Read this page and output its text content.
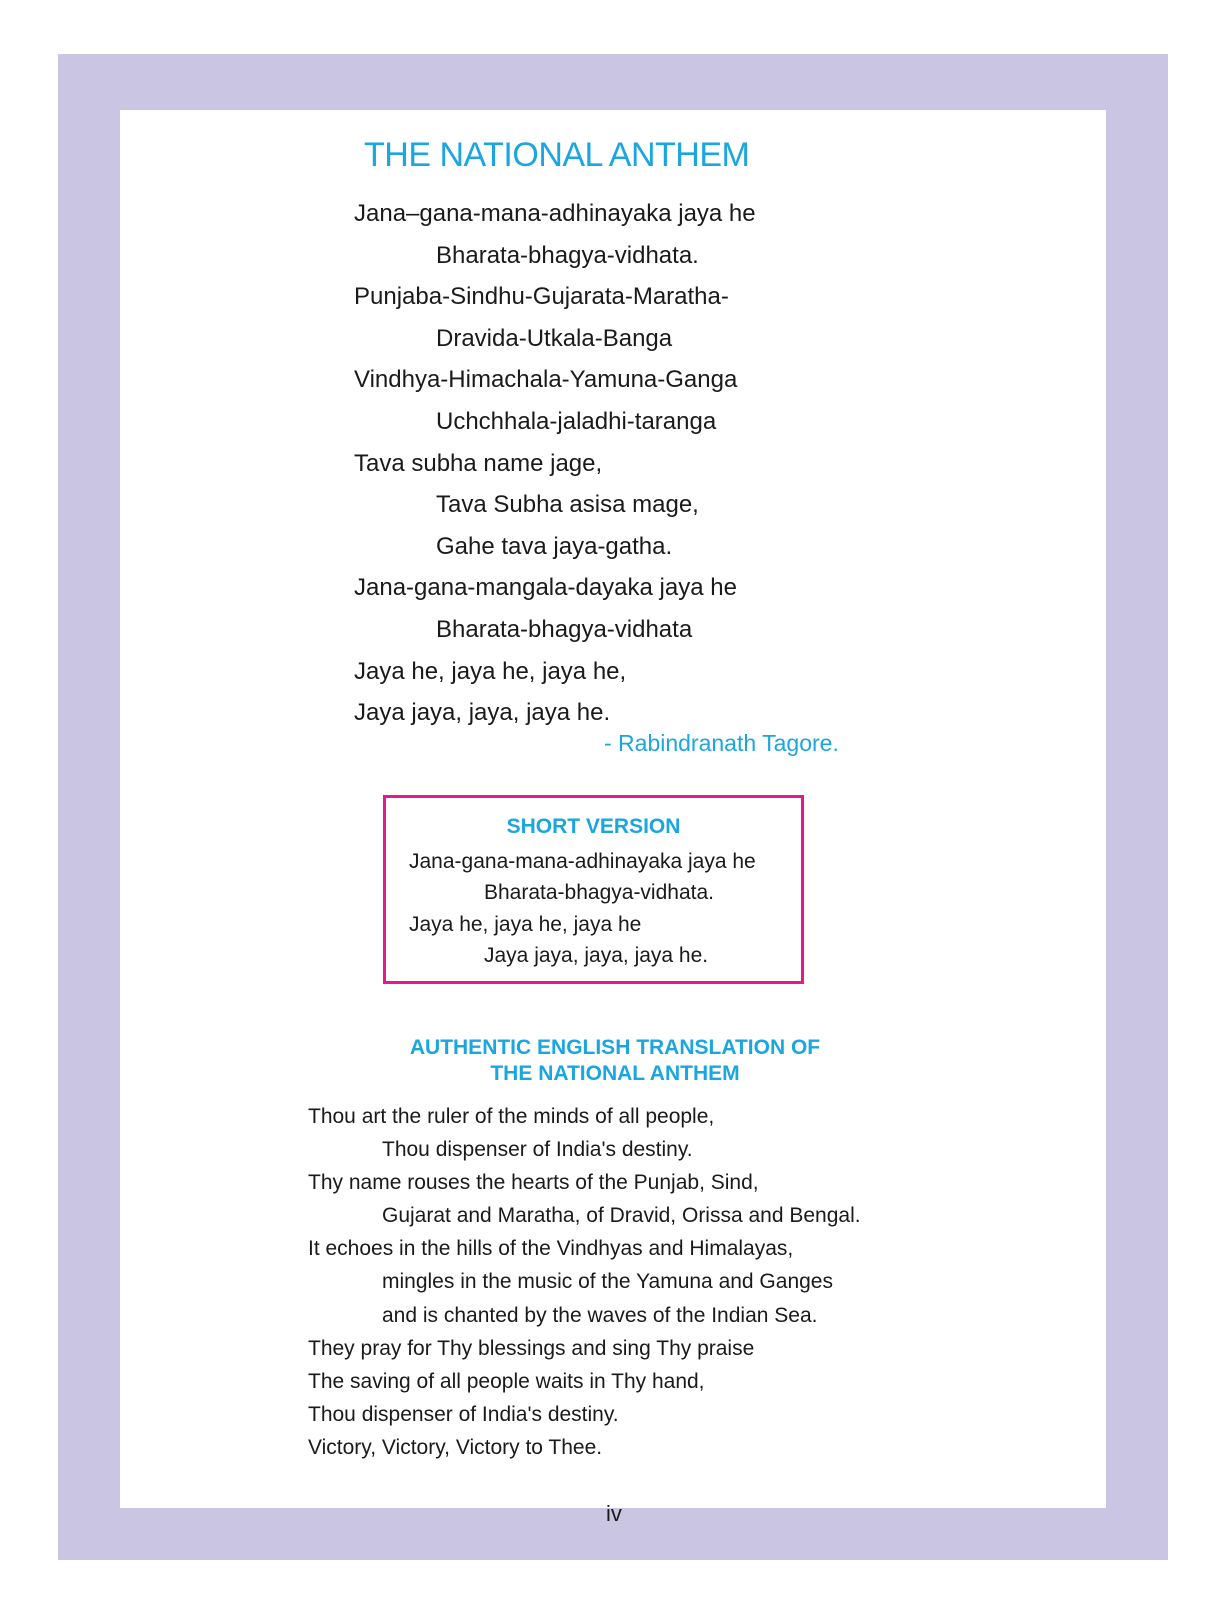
THE NATIONAL ANTHEM
Jana–gana-mana-adhinayaka jaya he
Bharata-bhagya-vidhata.
Punjaba-Sindhu-Gujarata-Maratha-
Dravida-Utkala-Banga
Vindhya-Himachala-Yamuna-Ganga
Uchchhala-jaladhi-taranga
Tava subha name jage,
Tava Subha asisa mage,
Gahe tava jaya-gatha.
Jana-gana-mangala-dayaka jaya he
Bharata-bhagya-vidhata
Jaya he, jaya he, jaya he,
Jaya jaya, jaya, jaya he.
- Rabindranath Tagore.
SHORT VERSION
Jana-gana-mana-adhinayaka jaya he
Bharata-bhagya-vidhata.
Jaya he, jaya he, jaya he
Jaya jaya, jaya, jaya he.
AUTHENTIC ENGLISH TRANSLATION OF
THE NATIONAL ANTHEM
Thou art the ruler of the minds of all people,
Thou dispenser of India's destiny.
Thy name rouses the hearts of the Punjab, Sind,
Gujarat and Maratha, of Dravid, Orissa and Bengal.
It echoes in the hills of the Vindhyas and Himalayas,
mingles in the music of the Yamuna and Ganges
and is chanted by the waves of the Indian Sea.
They pray for Thy blessings and sing Thy praise
The saving of all people waits in Thy hand,
Thou dispenser of India's destiny.
Victory, Victory, Victory to Thee.
iv
